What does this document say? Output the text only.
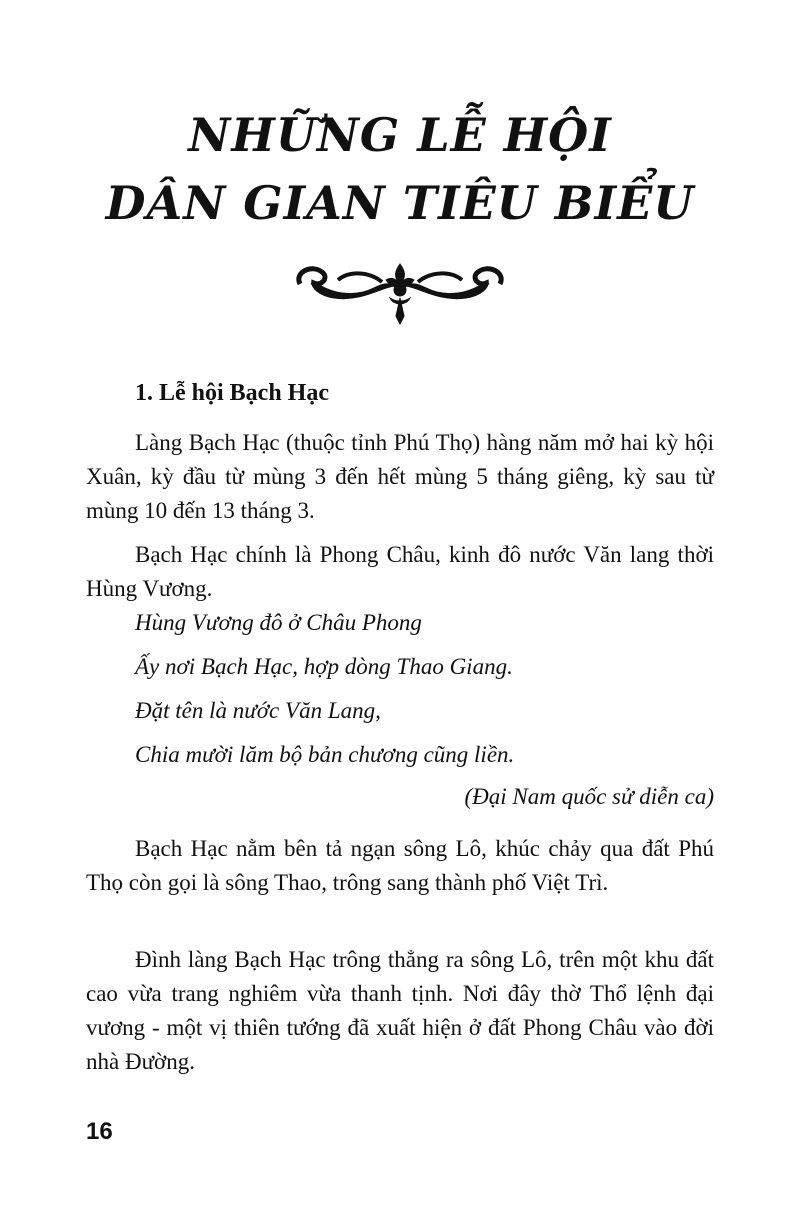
NHỮNG LỄ HỘI
DÂN GIAN TIÊU BIỂU
1. Lễ hội Bạch Hạc
Làng Bạch Hạc (thuộc tỉnh Phú Thọ) hàng năm mở hai kỳ hội Xuân, kỳ đầu từ mùng 3 đến hết mùng 5 tháng giêng, kỳ sau từ mùng 10 đến 13 tháng 3.
Bạch Hạc chính là Phong Châu, kinh đô nước Văn lang thời Hùng Vương.
Hùng Vương đô ở Châu Phong
Ấy nơi Bạch Hạc, hợp dòng Thao Giang.
Đặt tên là nước Văn Lang,
Chia mười lăm bộ bản chương cũng liền.
(Đại Nam quốc sử diễn ca)
Bạch Hạc nằm bên tả ngạn sông Lô, khúc chảy qua đất Phú Thọ còn gọi là sông Thao, trông sang thành phố Việt Trì.
Đình làng Bạch Hạc trông thẳng ra sông Lô, trên một khu đất cao vừa trang nghiêm vừa thanh tịnh. Nơi đây thờ Thổ lệnh đại vương - một vị thiên tướng đã xuất hiện ở đất Phong Châu vào đời nhà Đường.
16
